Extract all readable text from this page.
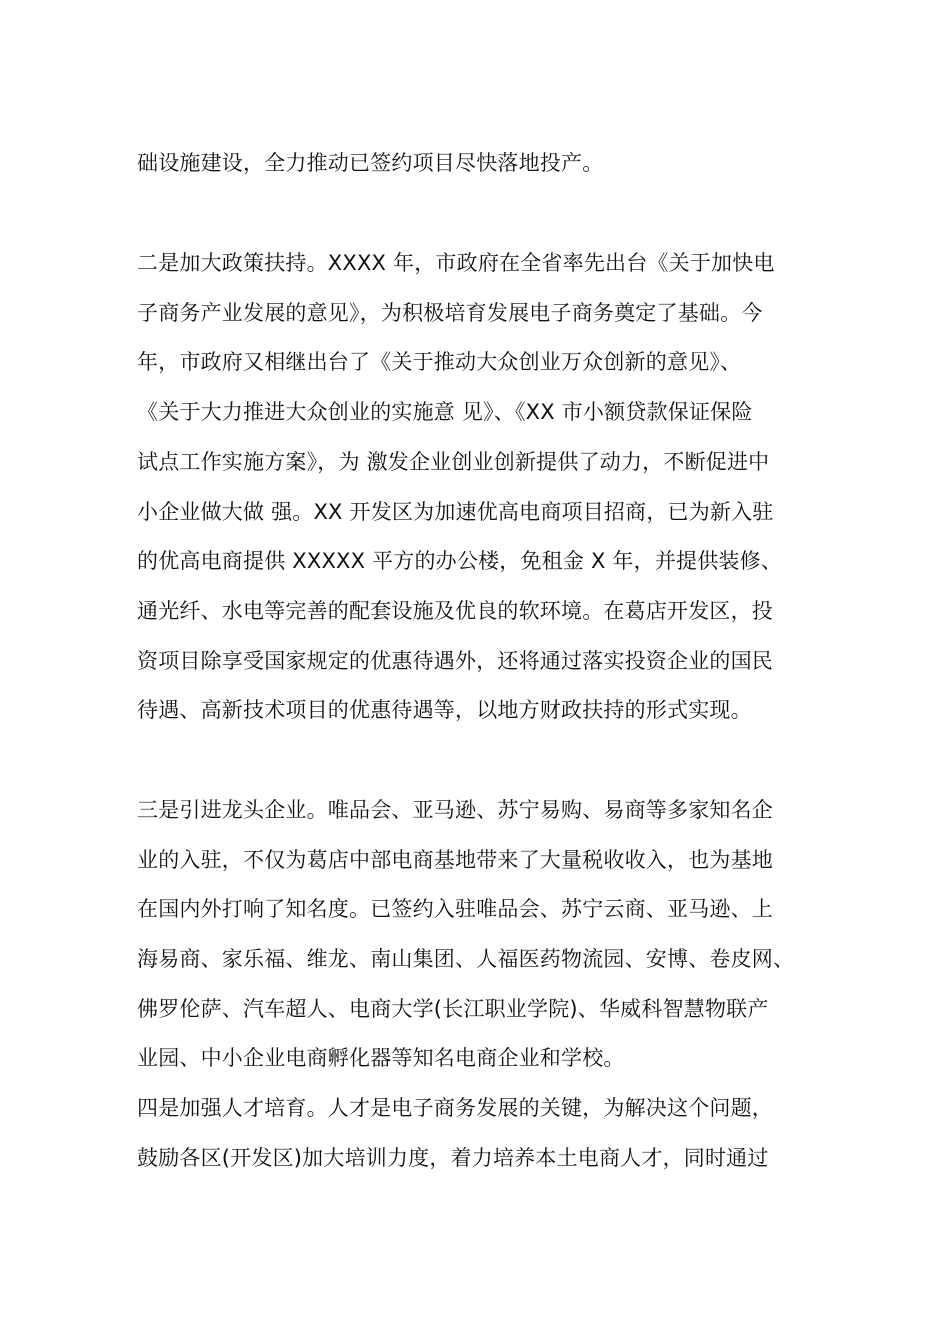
础设施建设，全力推动已签约项目尽快落地投产。
二是加大政策扶持。XXXX 年，市政府在全省率先出台《关于加快电
子商务产业发展的意见》，为积极培育发展电子商务奠定了基础。今
年，市政府又相继出台了《关于推动大众创业万众创新的意见》、
《关于大力推进大众创业的实施意 见》、《XX 市小额贷款保证保险
试点工作实施方案》，为 激发企业创业创新提供了动力，不断促进中
小企业做大做 强。XX 开发区为加速优高电商项目招商，已为新入驻
的优高电商提供 XXXXX 平方的办公楼，免租金 X 年，并提供装修、
通光纤、水电等完善的配套设施及优良的软环境。在葛店开发区，投
资项目除享受国家规定的优惠待遇外，还将通过落实投资企业的国民
待遇、高新技术项目的优惠待遇等，以地方财政扶持的形式实现。
三是引进龙头企业。唯品会、亚马逊、苏宁易购、易商等多家知名企
业的入驻，不仅为葛店中部电商基地带来了大量税收收入，也为基地
在国内外打响了知名度。已签约入驻唯品会、苏宁云商、亚马逊、上
海易商、家乐福、维龙、南山集团、人福医药物流园、安博、卷皮网、
佛罗伦萨、汽车超人、电商大学(长江职业学院)、华威科智慧物联产
业园、中小企业电商孵化器等知名电商企业和学校。
四是加强人才培育。人才是电子商务发展的关键，为解决这个问题，
鼓励各区(开发区)加大培训力度，着力培养本土电商人才，同时通过
